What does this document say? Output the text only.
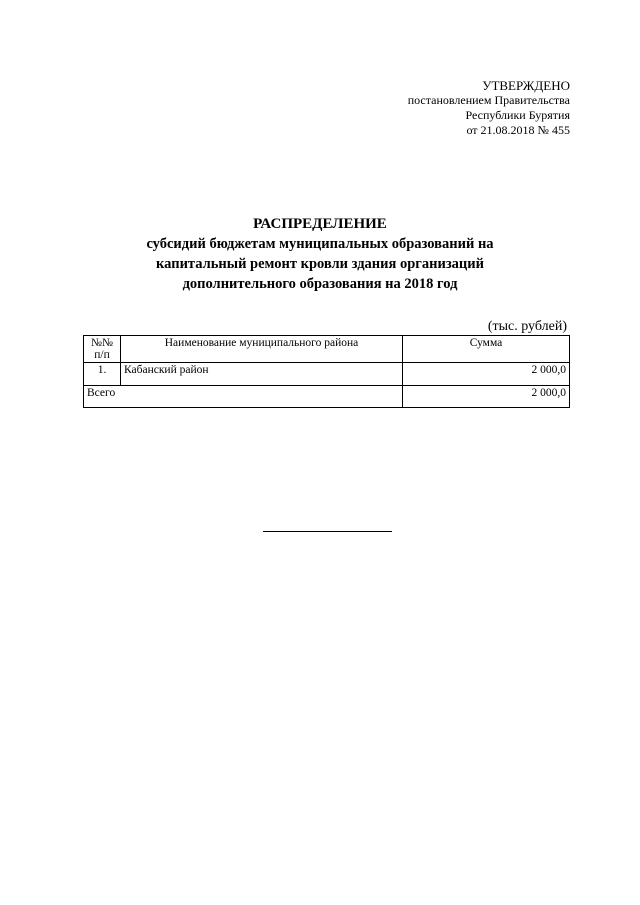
УТВЕРЖДЕНО
постановлением Правительства
Республики Бурятия
от 21.08.2018 № 455
РАСПРЕДЕЛЕНИЕ
субсидий бюджетам муниципальных образований на
капитальный ремонт кровли здания организаций
дополнительного образования на 2018 год
(тыс. рублей)
№№ п/п	Наименование муниципального района	Сумма
1.	Кабанский район	2 000,0
Всего		2 000,0
